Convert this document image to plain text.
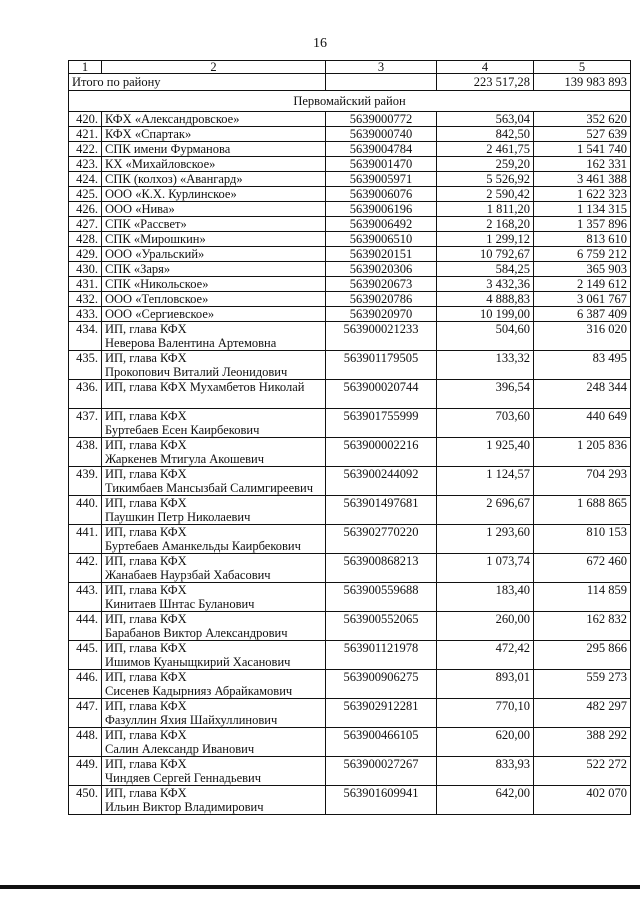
16
1	2	3	4	5
Итого по району			223 517,28	139 983 893
Первомайский район				
420.	КФХ «Александровское»	5639000772	563,04	352 620
421.	КФХ «Спартак»	5639000740	842,50	527 639
422.	СПК имени Фурманова	5639004784	2 461,75	1 541 740
423.	КХ «Михайловское»	5639001470	259,20	162 331
424.	СПК (колхоз) «Авангард»	5639005971	5 526,92	3 461 388
425.	ООО «К.Х. Курлинское»	5639006076	2 590,42	1 622 323
426.	ООО «Нива»	5639006196	1 811,20	1 134 315
427.	СПК «Рассвет»	5639006492	2 168,20	1 357 896
428.	СПК «Мирошкин»	5639006510	1 299,12	813 610
429.	ООО «Уральский»	5639020151	10 792,67	6 759 212
430.	СПК «Заря»	5639020306	584,25	365 903
431.	СПК «Никольское»	5639020673	3 432,36	2 149 612
432.	ООО «Тепловское»	5639020786	4 888,83	3 061 767
433.	ООО «Сергиевское»	5639020970	10 199,00	6 387 409
434.	ИП, глава КФХ
Неверова Валентина Артемовна	563900021233	504,60	316 020
435.	ИП, глава КФХ
Прокопович Виталий Леонидович	563901179505	133,32	83 495
436.	ИП, глава КФХ Мухамбетов Николай	563900020744	396,54	248 344
437.	ИП, глава КФХ
Буртебаев Есен Каирбекович	563901755999	703,60	440 649
438.	ИП, глава КФХ
Жаркенев Мтигула Акошевич	563900002216	1 925,40	1 205 836
439.	ИП, глава КФХ
Тикимбаев Мансызбай Салимгиреевич	563900244092	1 124,57	704 293
440.	ИП, глава КФХ
Паушкин Петр Николаевич	563901497681	2 696,67	1 688 865
441.	ИП, глава КФХ
Буртебаев Аманкельды Каирбекович	563902770220	1 293,60	810 153
442.	ИП, глава КФХ
Жанабаев Наурзбай Хабасович	563900868213	1 073,74	672 460
443.	ИП, глава КФХ
Кинитаев Шнтас Буланович	563900559688	183,40	114 859
444.	ИП, глава КФХ
Барабанов Виктор Александрович	563900552065	260,00	162 832
445.	ИП, глава КФХ
Ишимов Куаныщкирий Хасанович	563901121978	472,42	295 866
446.	ИП, глава КФХ
Сисенев Кадырнияз Абрайкамович	563900906275	893,01	559 273
447.	ИП, глава КФХ
Фазуллин Яхия Шайхуллинович	563902912281	770,10	482 297
448.	ИП, глава КФХ
Салин Александр Иванович	563900466105	620,00	388 292
449.	ИП, глава КФХ
Чиндяев Сергей Геннадьевич	563900027267	833,93	522 272
450.	ИП, глава КФХ
Ильин Виктор Владимирович	563901609941	642,00	402 070
